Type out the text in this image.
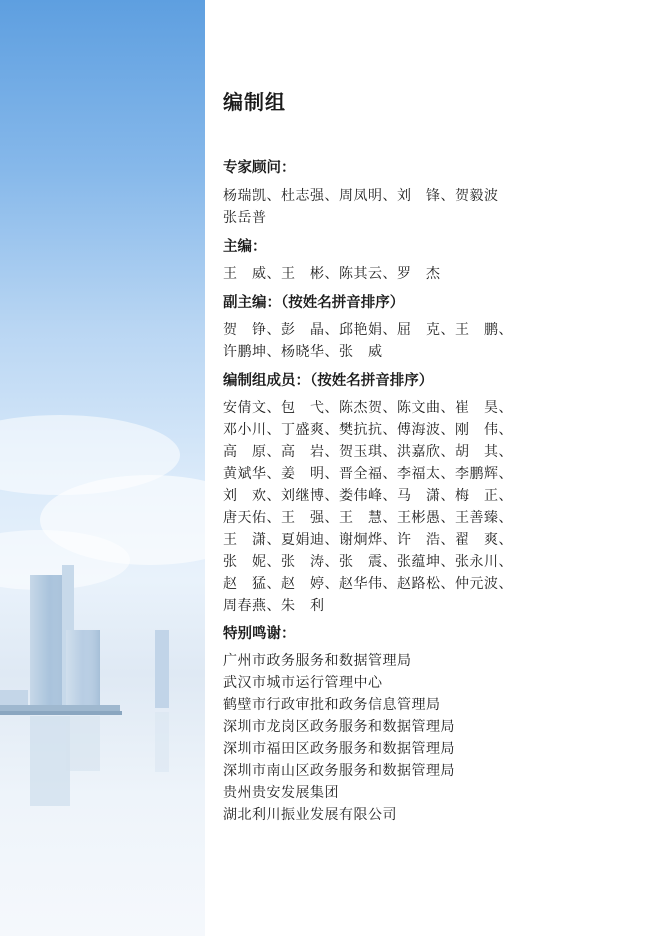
编制组
专家顾问：
杨瑞凯、杜志强、周凤明、刘　锋、贺毅波
张岳普
主编：
王　威、王　彬、陈其云、罗　杰
副主编：（按姓名拼音排序）
贺　铮、彭　晶、邱艳娟、屈　克、王　鹏、
许鹏坤、杨晓华、张　威
编制组成员：（按姓名拼音排序）
安倩文、包　弋、陈杰贺、陈文曲、崔　昊、
邓小川、丁盛爽、樊抗抗、傅海波、刚　伟、
高　原、高　岩、贺玉琪、洪嘉欣、胡　其、
黄斌华、姜　明、晋全福、李福太、李鹏辉、
刘　欢、刘继博、娄伟峰、马　潇、梅　正、
唐天佑、王　强、王　慧、王彬愚、王善臻、
王　潇、夏娟迪、谢炯烨、许　浩、翟　爽、
张　妮、张　涛、张　震、张蕴坤、张永川、
赵　猛、赵　婷、赵华伟、赵路松、仲元波、
周春燕、朱　利
特别鸣谢：
广州市政务服务和数据管理局
武汉市城市运行管理中心
鹤壁市行政审批和政务信息管理局
深圳市龙岗区政务服务和数据管理局
深圳市福田区政务服务和数据管理局
深圳市南山区政务服务和数据管理局
贵州贵安发展集团
湖北利川振业发展有限公司
